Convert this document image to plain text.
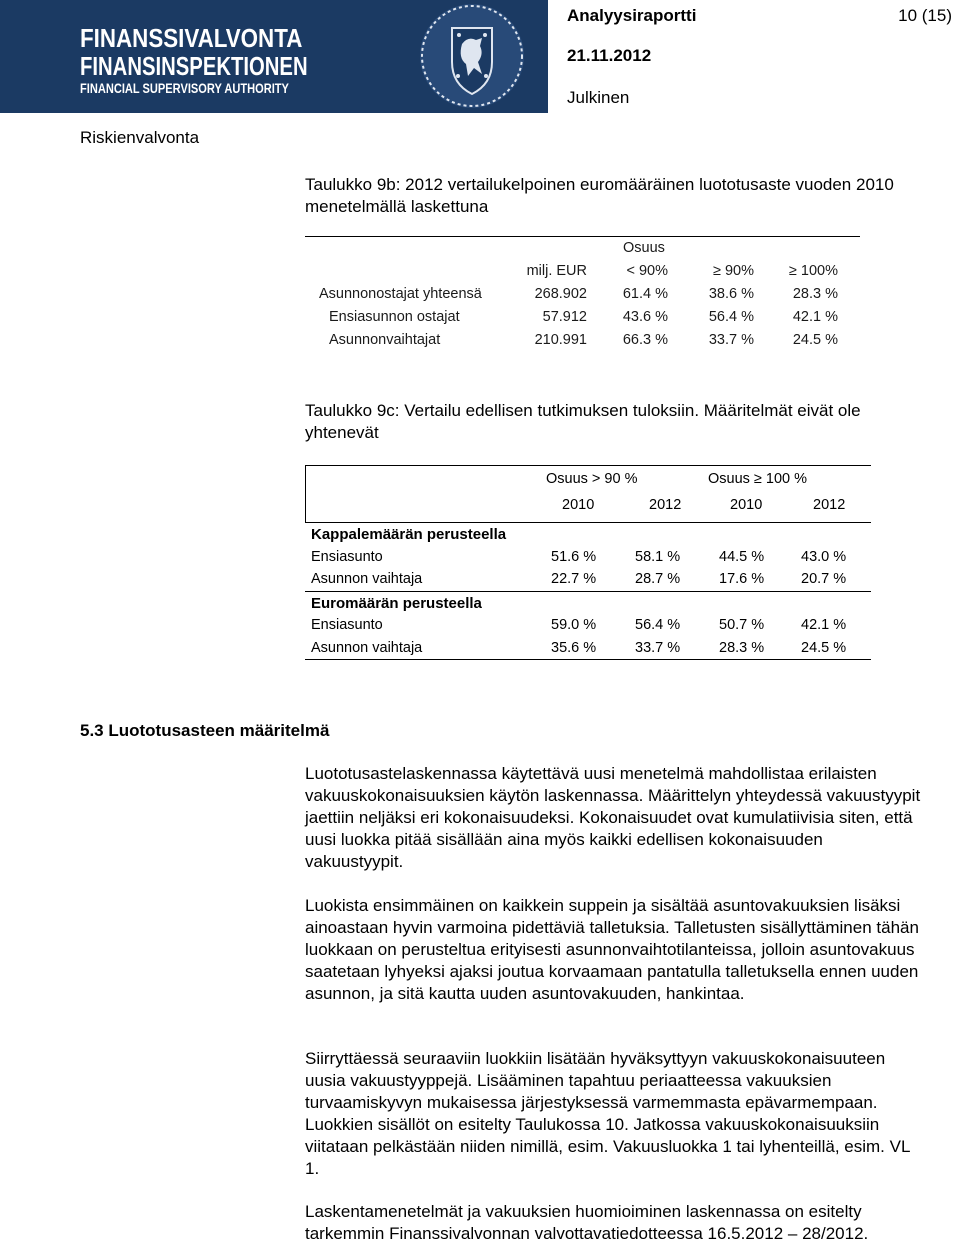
FINANSSIVALVONTA
FINANSINSPEKTIONEN
FINANCIAL SUPERVISORY AUTHORITY
Analyysiraportti	10 (15)
21.11.2012
Julkinen
Riskienvalvonta
Taulukko 9b: 2012 vertailukelpoinen euromääräinen luototusaste vuoden 2010 menetelmällä laskettuna
Osuus
milj. EUR	< 90%	≥ 90% ≥ 100%
Asunnonostajat yhteensä	268.902 61.4 %	38.6 %	28.3 %
Ensiasunnon ostajat	57.912 43.6 %	56.4 %	42.1 %
Asunnonvaihtajat	210.991 66.3 %	33.7 %	24.5 %
Taulukko 9c: Vertailu edellisen tutkimuksen tuloksiin. Määritelmät eivät ole yhtenevät
Osuus > 90 %	Osuus ≥ 100 %
2010	2012	2010	2012
Kappalemäärän perusteella
Ensiasunto	51.6 %	58.1 %	44.5 %	43.0 %
Asunnon vaihtaja	22.7 %	28.7 %	17.6 %	20.7 %
Euromäärän perusteella
Ensiasunto	59.0 %	56.4 %	50.7 %	42.1 %
Asunnon vaihtaja	35.6 %	33.7 %	28.3 %	24.5 %
5.3 Luototusasteen määritelmä

Luototusastelaskennassa käytettävä uusi menetelmä mahdollistaa erilaisten vakuuskokonaisuuksien käytön laskennassa. Määrittelyn yhteydessä vakuustyypit jaettiin neljäksi eri kokonaisuudeksi. Kokonaisuudet ovat kumulatiivisia siten, että uusi luokka pitää sisällään aina myös kaikki edellisen kokonaisuuden vakuustyypit.

Luokista ensimmäinen on kaikkein suppein ja sisältää asuntovakuuksien lisäksi ainoastaan hyvin varmoina pidettäviä talletuksia. Talletusten sisällyttäminen tähän luokkaan on perusteltua erityisesti asunnonvaihtotilanteissa, jolloin asuntovakuus saatetaan lyhyeksi ajaksi joutua korvaamaan pantatulla talletuksella ennen uuden asunnon, ja sitä kautta uuden asuntovakuuden, hankintaa.

Siirryttäessä seuraaviin luokkiin lisätään hyväksyttyyn vakuuskokonaisuuteen uusia vakuustyyppejä. Lisääminen tapahtuu periaatteessa vakuuksien turvaamiskyvyn mukaisessa järjestyksessä varmemmasta epävarmempaan. Luokkien sisällöt on esitelty Taulukossa 10. Jatkossa vakuuskokonaisuuksiin viitataan pelkästään niiden nimillä, esim. Vakuusluokka 1 tai lyhenteillä, esim. VL 1.

Laskentamenetelmät ja vakuuksien huomioiminen laskennassa on esitelty tarkemmin Finanssivalvonnan valvottavatiedotteessa 16.5.2012 – 28/2012.
